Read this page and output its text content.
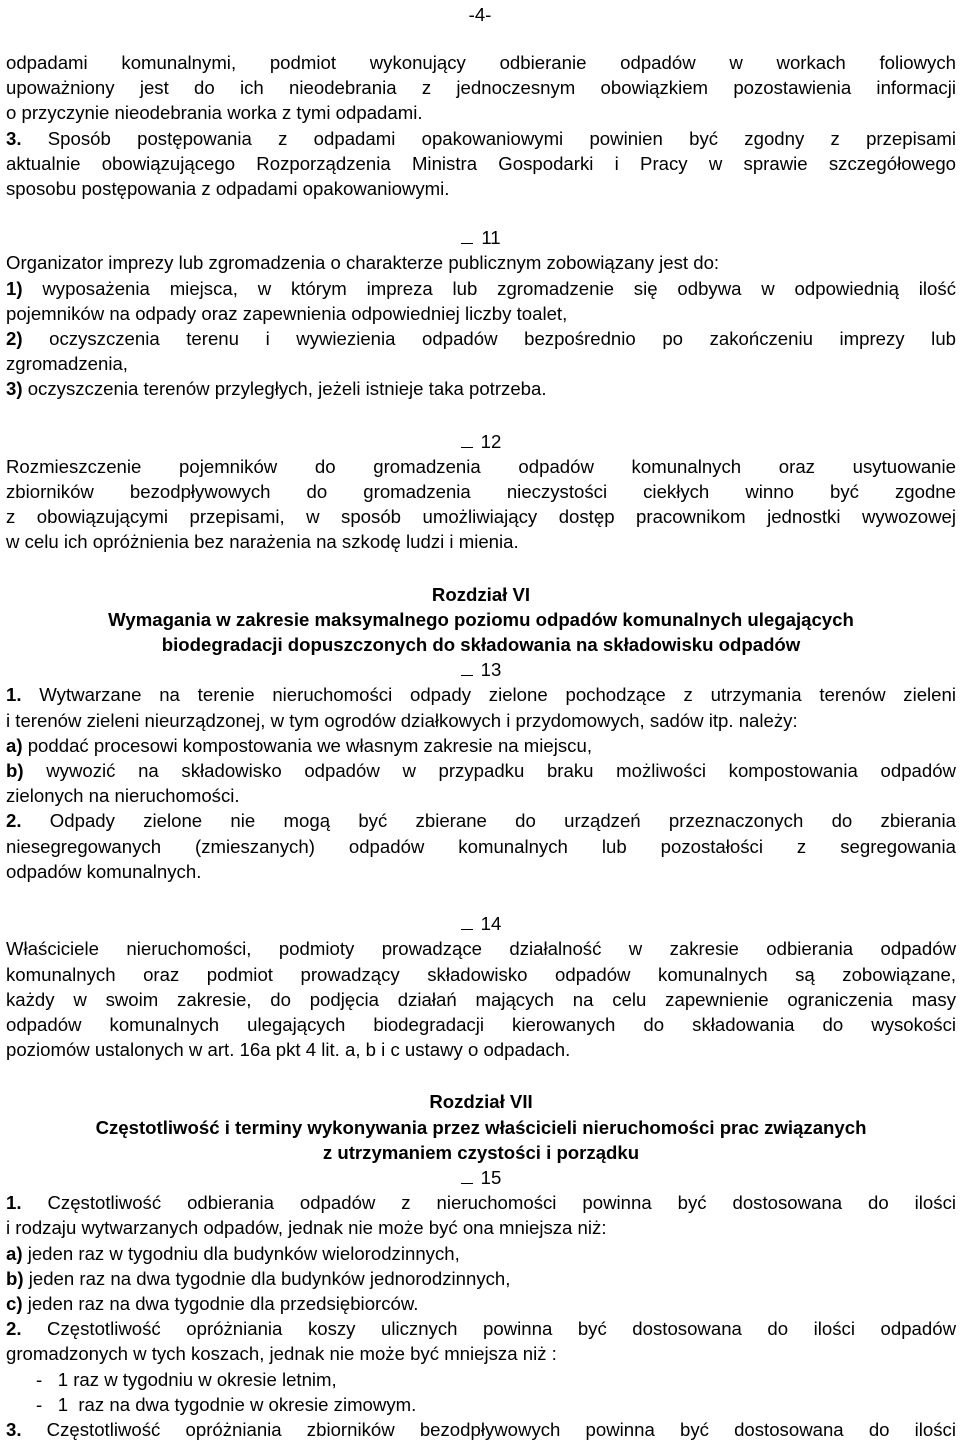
-4-

odpadami komunalnymi, podmiot wykonujący odbieranie odpadów w workach foliowych
upoważniony jest do ich nieodebrania z jednoczesnym obowiązkiem pozostawienia informacji
o przyczynie nieodebrania worka z tymi odpadami.

3. Sposób postępowania z odpadami opakowaniowymi powinien być zgodny z przepisami
aktualnie obowiązującego Rozporządzenia Ministra Gospodarki i Pracy w sprawie szczegółowego
sposobu postępowania z odpadami opakowaniowymi.

11

Organizator imprezy lub zgromadzenia o charakterze publicznym zobowiązany jest do:

1) wyposażenia miejsca, w którym impreza lub zgromadzenie się odbywa w odpowiednią ilość
pojemników na odpady oraz zapewnienia odpowiedniej liczby toalet,

2) oczyszczenia terenu i wywiezienia odpadów bezpośrednio po zakończeniu imprezy lub
zgromadzenia,

3) oczyszczenia terenów przyległych, jeżeli istnieje taka potrzeba.

12

Rozmieszczenie pojemników do gromadzenia odpadów komunalnych oraz usytuowanie
zbiorników bezodpływowych do gromadzenia nieczystości ciekłych winno być zgodne
z obowiązującymi przepisami, w sposób umożliwiający dostęp pracownikom jednostki wywozowej
w celu ich opróżnienia bez narażenia na szkodę ludzi i mienia.

Rozdział VI
Wymagania w zakresie maksymalnego poziomu odpadów komunalnych ulegających
biodegradacji dopuszczonych do składowania na składowisku odpadów
13

1. Wytwarzane na terenie nieruchomości odpady zielone pochodzące z utrzymania terenów zieleni
i terenów zieleni nieurządzonej, w tym ogrodów działkowych i przydomowych, sadów itp. należy:

a) poddać procesowi kompostowania we własnym zakresie na miejscu,

b) wywozić na składowisko odpadów w przypadku braku możliwości kompostowania odpadów
zielonych na nieruchomości.

2. Odpady zielone nie mogą być zbierane do urządzeń przeznaczonych do zbierania
niesegregowanych (zmieszanych) odpadów komunalnych lub pozostałości z segregowania
odpadów komunalnych.

14

Właściciele nieruchomości, podmioty prowadzące działalność w zakresie odbierania odpadów
komunalnych oraz podmiot prowadzący składowisko odpadów komunalnych są zobowiązane,
każdy w swoim zakresie, do podjęcia działań mających na celu zapewnienie ograniczenia masy
odpadów komunalnych ulegających biodegradacji kierowanych do składowania do wysokości
poziomów ustalonych w art. 16a pkt 4 lit. a, b i c ustawy o odpadach.

Rozdział VII
Częstotliwość i terminy wykonywania przez właścicieli nieruchomości prac związanych
z utrzymaniem czystości i porządku
15

1. Częstotliwość odbierania odpadów z nieruchomości powinna być dostosowana do ilości
i rodzaju wytwarzanych odpadów, jednak nie może być ona mniejsza niż:

a) jeden raz w tygodniu dla budynków wielorodzinnych,

b) jeden raz na dwa tygodnie dla budynków jednorodzinnych,

c) jeden raz na dwa tygodnie dla przedsiębiorców.

2. Częstotliwość opróżniania koszy ulicznych powinna być dostosowana do ilości odpadów
gromadzonych w tych koszach, jednak nie może być mniejsza niż :

-   1 raz w tygodniu w okresie letnim,

-   1  raz na dwa tygodnie w okresie zimowym.

3. Częstotliwość opróżniania zbiorników bezodpływowych powinna być dostosowana do ilości
